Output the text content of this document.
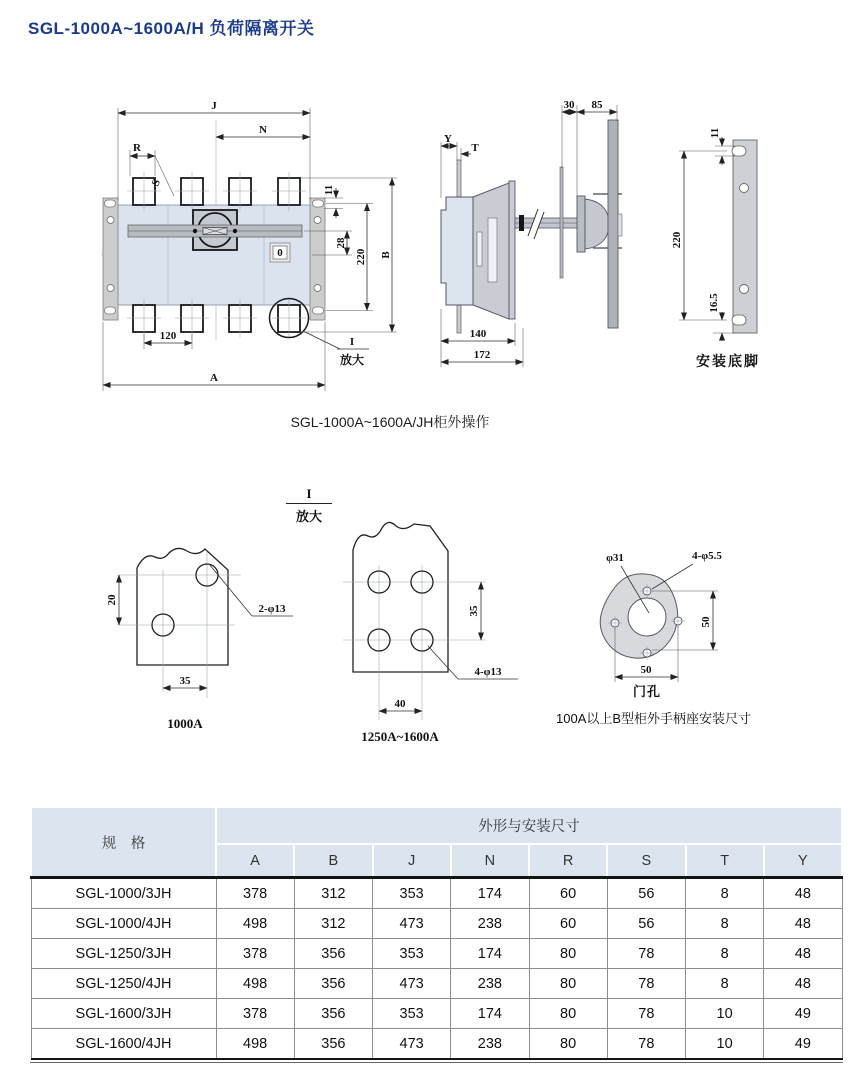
SGL-1000A~1600A/H 负荷隔离开关
0
I
放大
J
N
R
S
11
28
220 B
120
A
30 85
Y
T
140
172
11
220
16.5
安装底脚
SGL-1000A~1600A/JH柜外操作
I
放大
20
35
2-φ13
1000A
35
40
4-φ13
1250A~1600A
φ31	4-φ5.5
50
50
门孔
100A以上B型柜外手柄座安装尺寸
规　格	外形与安装尺寸							
	A	B	J	N	R	S	T	Y
SGL-1000/3JH	378	312	353	174	60	56	8	48
SGL-1000/4JH	498	312	473	238	60	56	8	48
SGL-1250/3JH	378	356	353	174	80	78	8	48
SGL-1250/4JH	498	356	473	238	80	78	8	48
SGL-1600/3JH	378	356	353	174	80	78	10	49
SGL-1600/4JH	498	356	473	238	80	78	10	49
